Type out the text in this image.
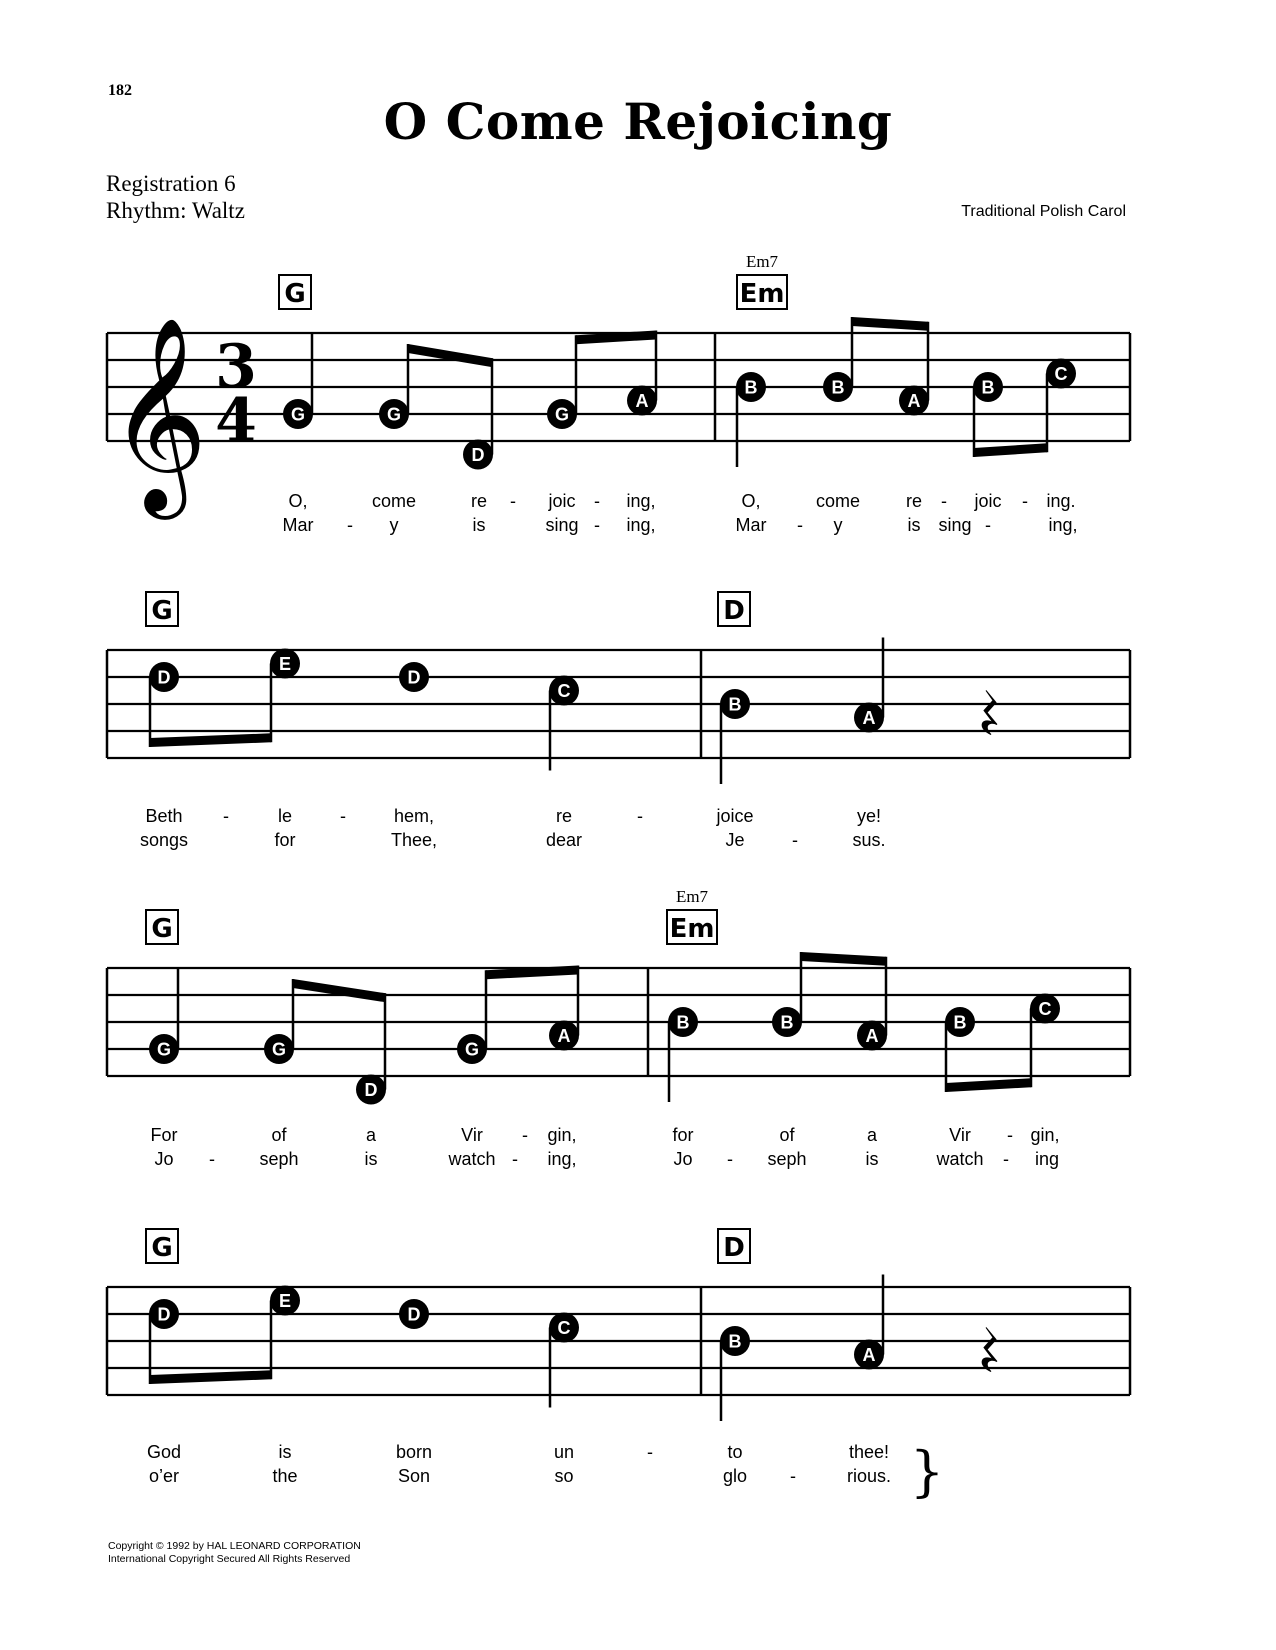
182
O Come Rejoicing
Registration 6
Rhythm: Waltz	Traditional Polish Carol
Copyright © 1992 by HAL LEONARD CORPORATION
International Copyright Secured All Rights Reserved
𝄞 3
4
G	Em
Em7
G	G
D
G
A
B	B
A
B
C
O,	come	re - joic - ing,	O,	come	re - joic - ing.
Mar - y	is	sing - ing,	Mar - y	is sing -	ing,
G	D
D
E
D
C
B
A
Beth -	le	-	hem,	re	-	joice	ye!
songs	for	Thee,	dear	Je	-	sus.
G	Em
Em7
G	G
D
G
A
B	B
A
B
C
For	of	a	Vir - gin,	for	of	a	Vir - gin,
Jo - seph	is	watch - ing,	Jo - seph	is	watch - ing
G	D
D
E
D
C
B
A
God	is	born	un	-	to	thee!
o’er	the	Son	so	glo -	rious. }
